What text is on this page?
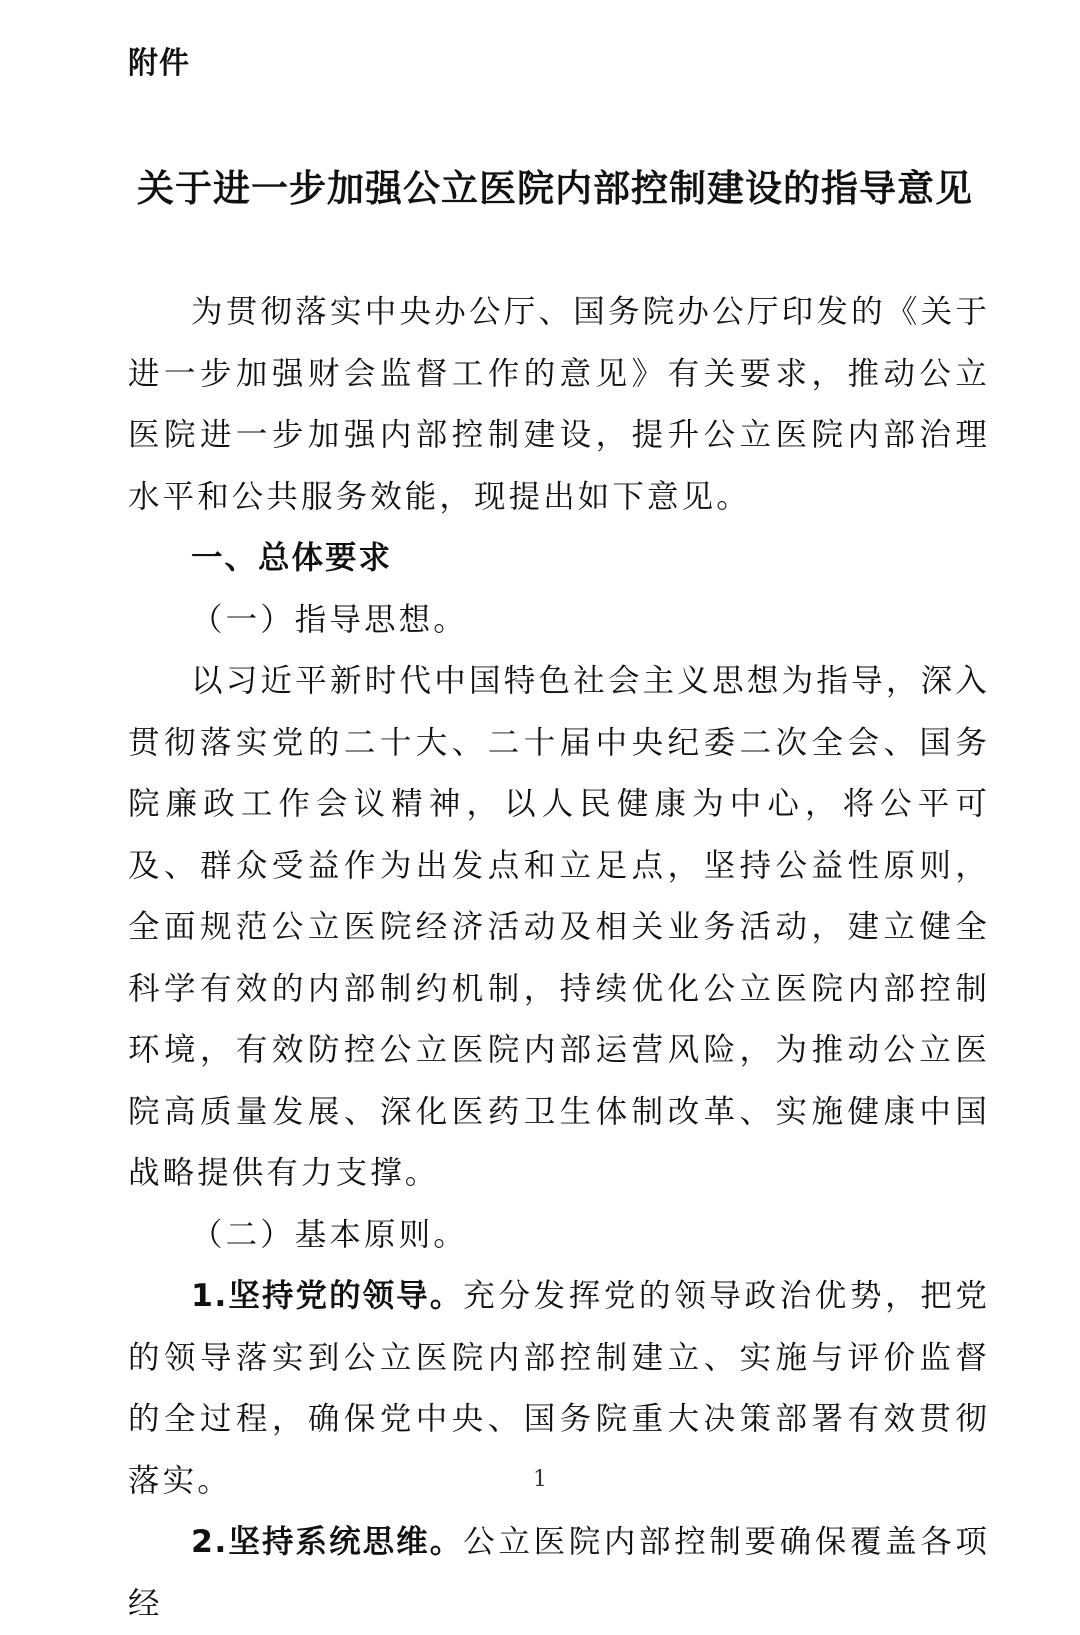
附件
关于进一步加强公立医院内部控制建设的指导意见

为贯彻落实中央办公厅、国务院办公厅印发的《关于进一步加强财会监督工作的意见》有关要求，推动公立医院进一步加强内部控制建设，提升公立医院内部治理水平和公共服务效能，现提出如下意见。

一、总体要求

（一）指导思想。

以习近平新时代中国特色社会主义思想为指导，深入贯彻落实党的二十大、二十届中央纪委二次全会、国务院廉政工作会议精神，以人民健康为中心，将公平可及、群众受益作为出发点和立足点，坚持公益性原则，全面规范公立医院经济活动及相关业务活动，建立健全科学有效的内部制约机制，持续优化公立医院内部控制环境，有效防控公立医院内部运营风险，为推动公立医院高质量发展、深化医药卫生体制改革、实施健康中国战略提供有力支撑。

（二）基本原则。

1.坚持党的领导。充分发挥党的领导政治优势，把党的领导落实到公立医院内部控制建立、实施与评价监督的全过程，确保党中央、国务院重大决策部署有效贯彻落实。

2.坚持系统思维。公立医院内部控制要确保覆盖各项经

1
